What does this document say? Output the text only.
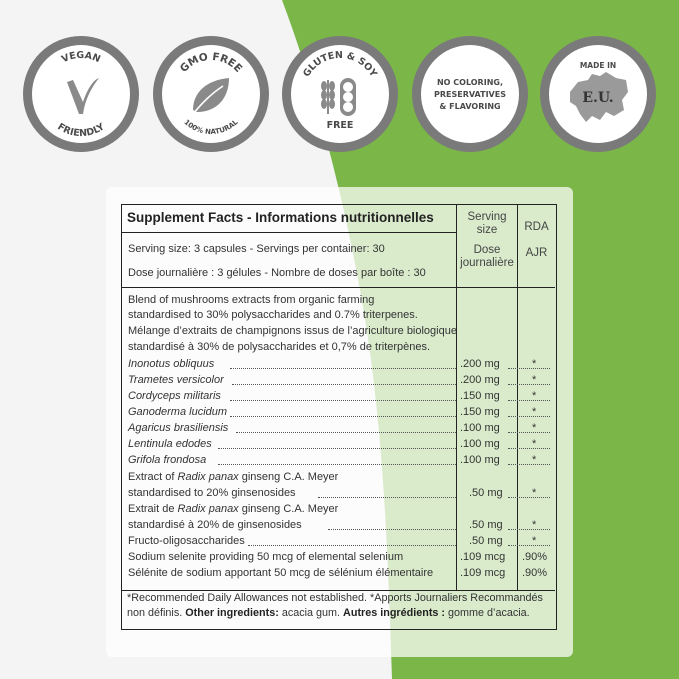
VEGAN
FRIENDLY
GMO FREE
100% NATURAL
GLUTEN & SOY
FREE
NO COLORING,
PRESERVATIVES
& FLAVORING
MADE IN
E.U.
Supplement Facts - Informations nutritionnelles	Serving
size
Dose
journalière
RDA
AJR
Serving size: 3 capsules - Servings per container: 30
Dose journalière : 3 gélules - Nombre de doses par boîte : 30
Blend of mushrooms extracts from organic farming
standardised to 30% polysaccharides and 0.7% triterpenes.
Mélange d’extraits de champignons issus de l’agriculture biologique
standardisé à 30% de polysaccharides et 0,7% de triterpènes.
Inonotus obliquus	.200 mg	*
Trametes versicolor	.200 mg	*
Cordyceps militaris	.150 mg	*
Ganoderma lucidum	.150 mg	*
Agaricus brasiliensis	.100 mg	*
Lentinula edodes	.100 mg	*
Grifola frondosa	.100 mg	*
Extract of Radix panax ginseng C.A. Meyer
standardised to 20% ginsenosides	.50 mg	*
Extrait de Radix panax ginseng C.A. Meyer
standardisé à 20% de ginsenosides	.50 mg	*
Fructo-oligosaccharides	.50 mg	*
Sodium selenite providing 50 mcg of elemental selenium	.109 mcg .90%
Sélénite de sodium apportant 50 mcg de sélénium élémentaire .109 mcg .90%
*Recommended Daily Allowances not established. *Apports Journaliers Recommandés
non définis. Other ingredients: acacia gum. Autres ingrédients : gomme d’acacia.
